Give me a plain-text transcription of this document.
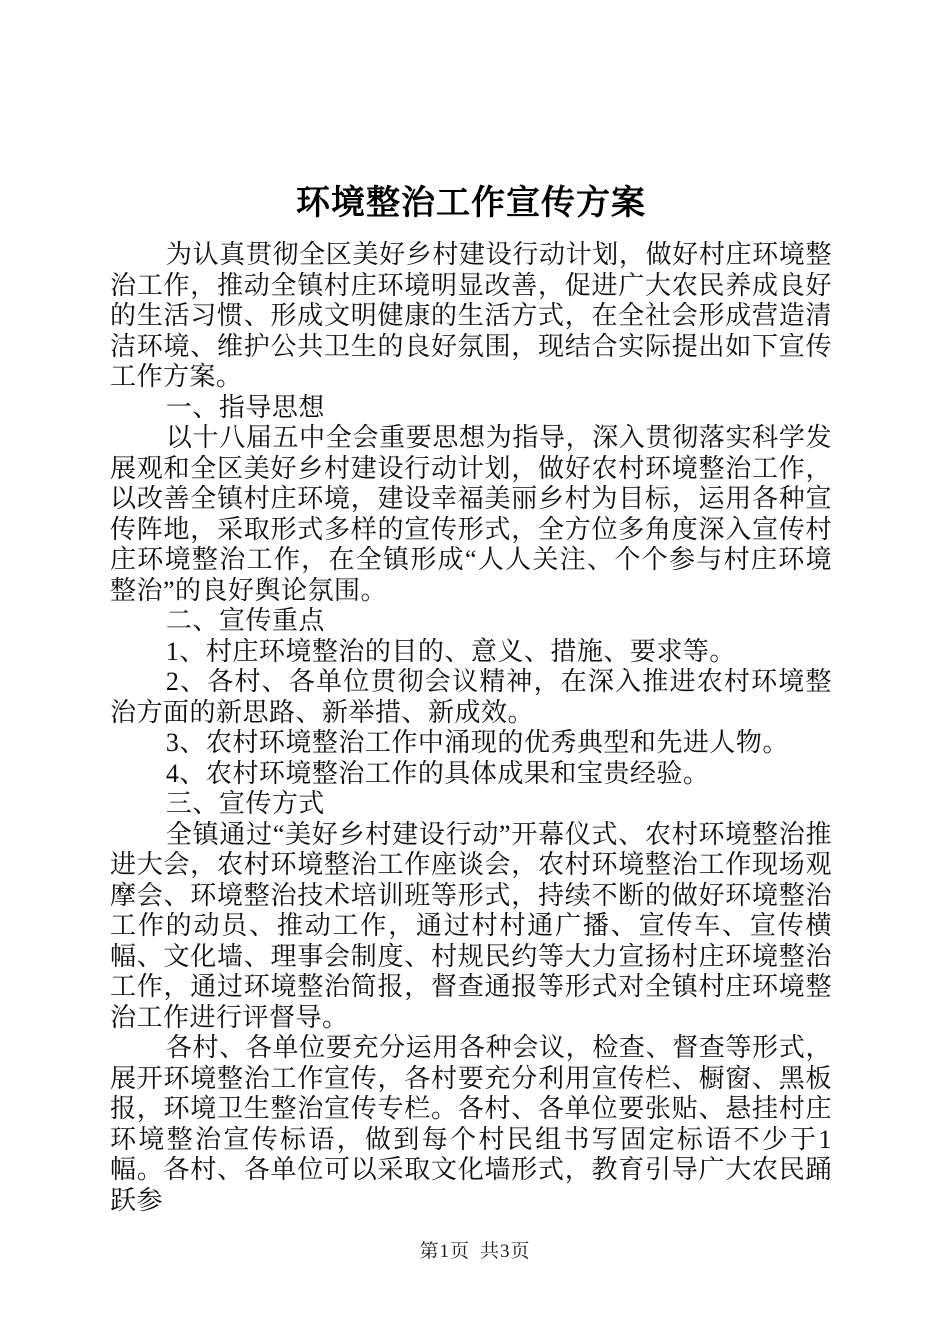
环境整治工作宣传方案

为认真贯彻全区美好乡村建设行动计划，做好村庄环境整治工作，推动全镇村庄环境明显改善，促进广大农民养成良好的生活习惯、形成文明健康的生活方式，在全社会形成营造清洁环境、维护公共卫生的良好氛围，现结合实际提出如下宣传工作方案。

一、指导思想

以十八届五中全会重要思想为指导，深入贯彻落实科学发展观和全区美好乡村建设行动计划，做好农村环境整治工作，以改善全镇村庄环境，建设幸福美丽乡村为目标，运用各种宣传阵地，采取形式多样的宣传形式，全方位多角度深入宣传村庄环境整治工作，在全镇形成“人人关注、个个参与村庄环境整治”的良好舆论氛围。

二、宣传重点

1、村庄环境整治的目的、意义、措施、要求等。

2、各村、各单位贯彻会议精神，在深入推进农村环境整治方面的新思路、新举措、新成效。

3、农村环境整治工作中涌现的优秀典型和先进人物。

4、农村环境整治工作的具体成果和宝贵经验。

三、宣传方式

全镇通过“美好乡村建设行动”开幕仪式、农村环境整治推进大会，农村环境整治工作座谈会，农村环境整治工作现场观摩会、环境整治技术培训班等形式，持续不断的做好环境整治工作的动员、推动工作，通过村村通广播、宣传车、宣传横幅、文化墙、理事会制度、村规民约等大力宣扬村庄环境整治工作，通过环境整治简报，督查通报等形式对全镇村庄环境整治工作进行评督导。

各村、各单位要充分运用各种会议，检查、督查等形式，展开环境整治工作宣传，各村要充分利用宣传栏、橱窗、黑板报，环境卫生整治宣传专栏。各村、各单位要张贴、悬挂村庄环境整治宣传标语，做到每个村民组书写固定标语不少于1幅。各村、各单位可以采取文化墙形式，教育引导广大农民踊跃参

第1页 共3页
